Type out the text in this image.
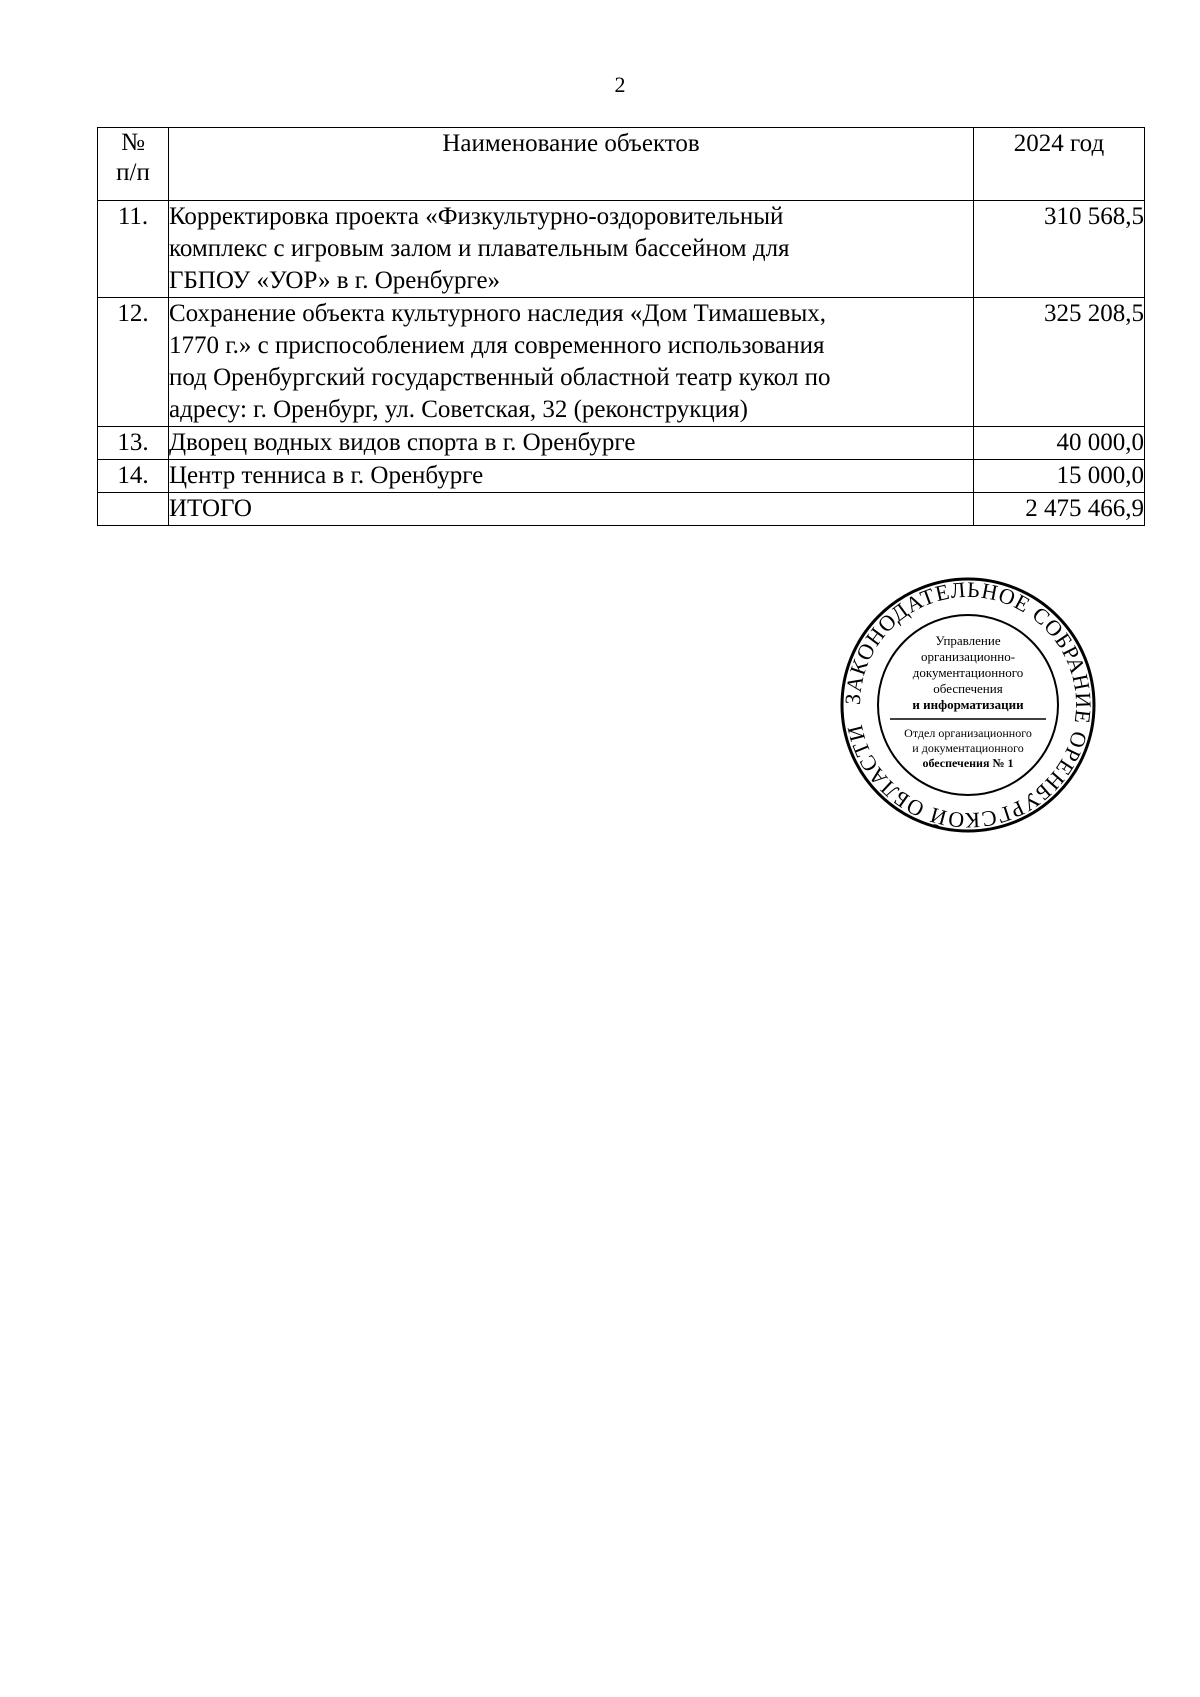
2
№
п/п	Наименование объектов	2024 год
11.	Корректировка проекта «Физкультурно-оздоровительный
комплекс с игровым залом и плавательным бассейном для
ГБПОУ «УОР» в г. Оренбурге»	310 568,5
12.	Сохранение объекта культурного наследия «Дом Тимашевых,
1770 г.» с приспособлением для современного использования
под Оренбургский государственный областной театр кукол по
адресу: г. Оренбург, ул. Советская, 32 (реконструкция)	325 208,5
13.	Дворец водных видов спорта в г. Оренбурге	40 000,0
14.	Центр тенниса в г. Оренбурге	15 000,0
	ИТОГО	2 475 466,9
ЗАКОНОДАТЕЛЬНОЕ СОБРАНИЕ ОРЕНБУРГСКОЙ ОБЛАСТИ
Управление
организационно-
документационного
обеспечения
и информатизации
Отдел организационного
и документационного
обеспечения № 1
